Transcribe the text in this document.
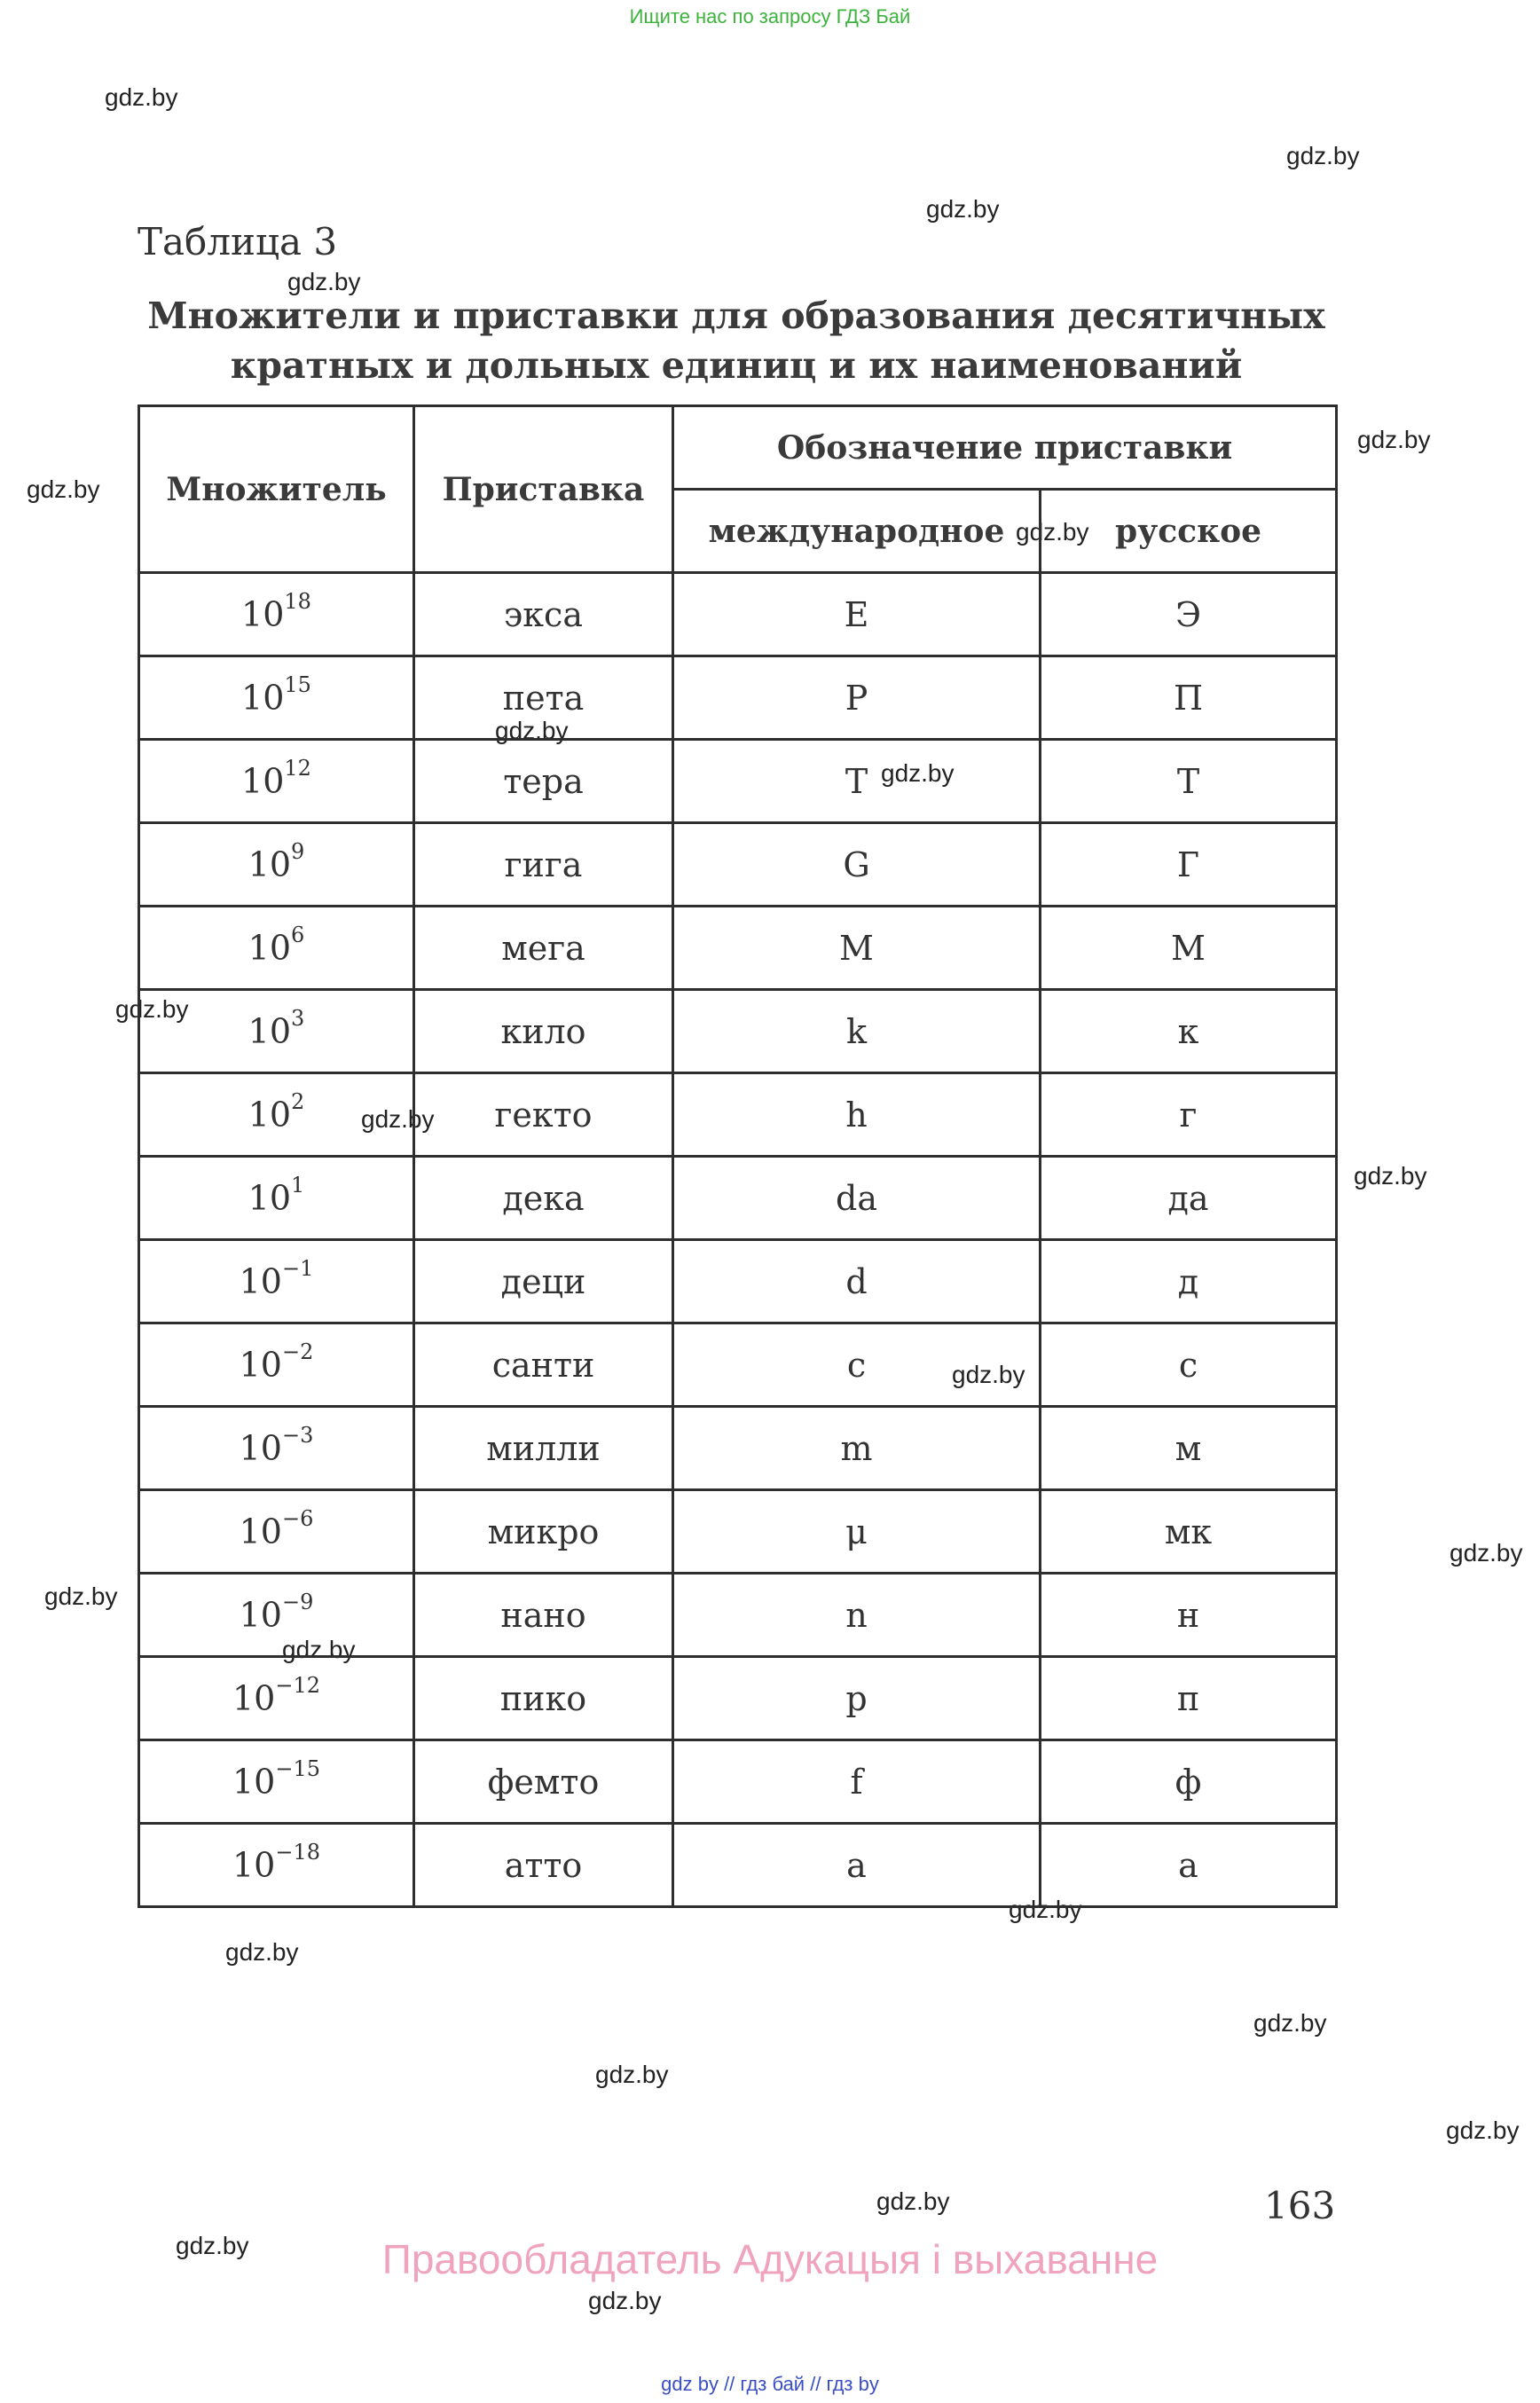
Ищите нас по запросу ГДЗ Бай
gdz.by
gdz.by
gdz.by
gdz.by
gdz.by
gdz.by
gdz.by
gdz.by
gdz.by
gdz.by
gdz.by
gdz.by
gdz.by
gdz.by
gdz.by
gdz.by
gdz.by
gdz.by
gdz.by
gdz.by
gdz.by
gdz.by
gdz.by
gdz.by
Таблица 3
Множители и приставки для образования десятичных
кратных и дольных единиц и их наименований
Множитель	Приставка	Обозначение приставки	
		международное	русское
$10^{18}$	экса	E	Э
$10^{15}$	пета	P	П
$10^{12}$	тера	T	Т
$10^9$	гига	G	Г
$10^6$	мега	M	М
$10^3$	кило	k	к
$10^2$	гекто	h	г
$10^1$	дека	da	да
$10^{-1}$	деци	d	д
$10^{-2}$	санти	c	с
$10^{-3}$	милли	m	м
$10^{-6}$	микро	μ	мк
$10^{-9}$	нано	n	н
$10^{-12}$	пико	p	п
$10^{-15}$	фемто	f	ф
$10^{-18}$	атто	a	а
163
Правообладатель Адукацыя і выхаванне
gdz by // гдз бай // гдз by
